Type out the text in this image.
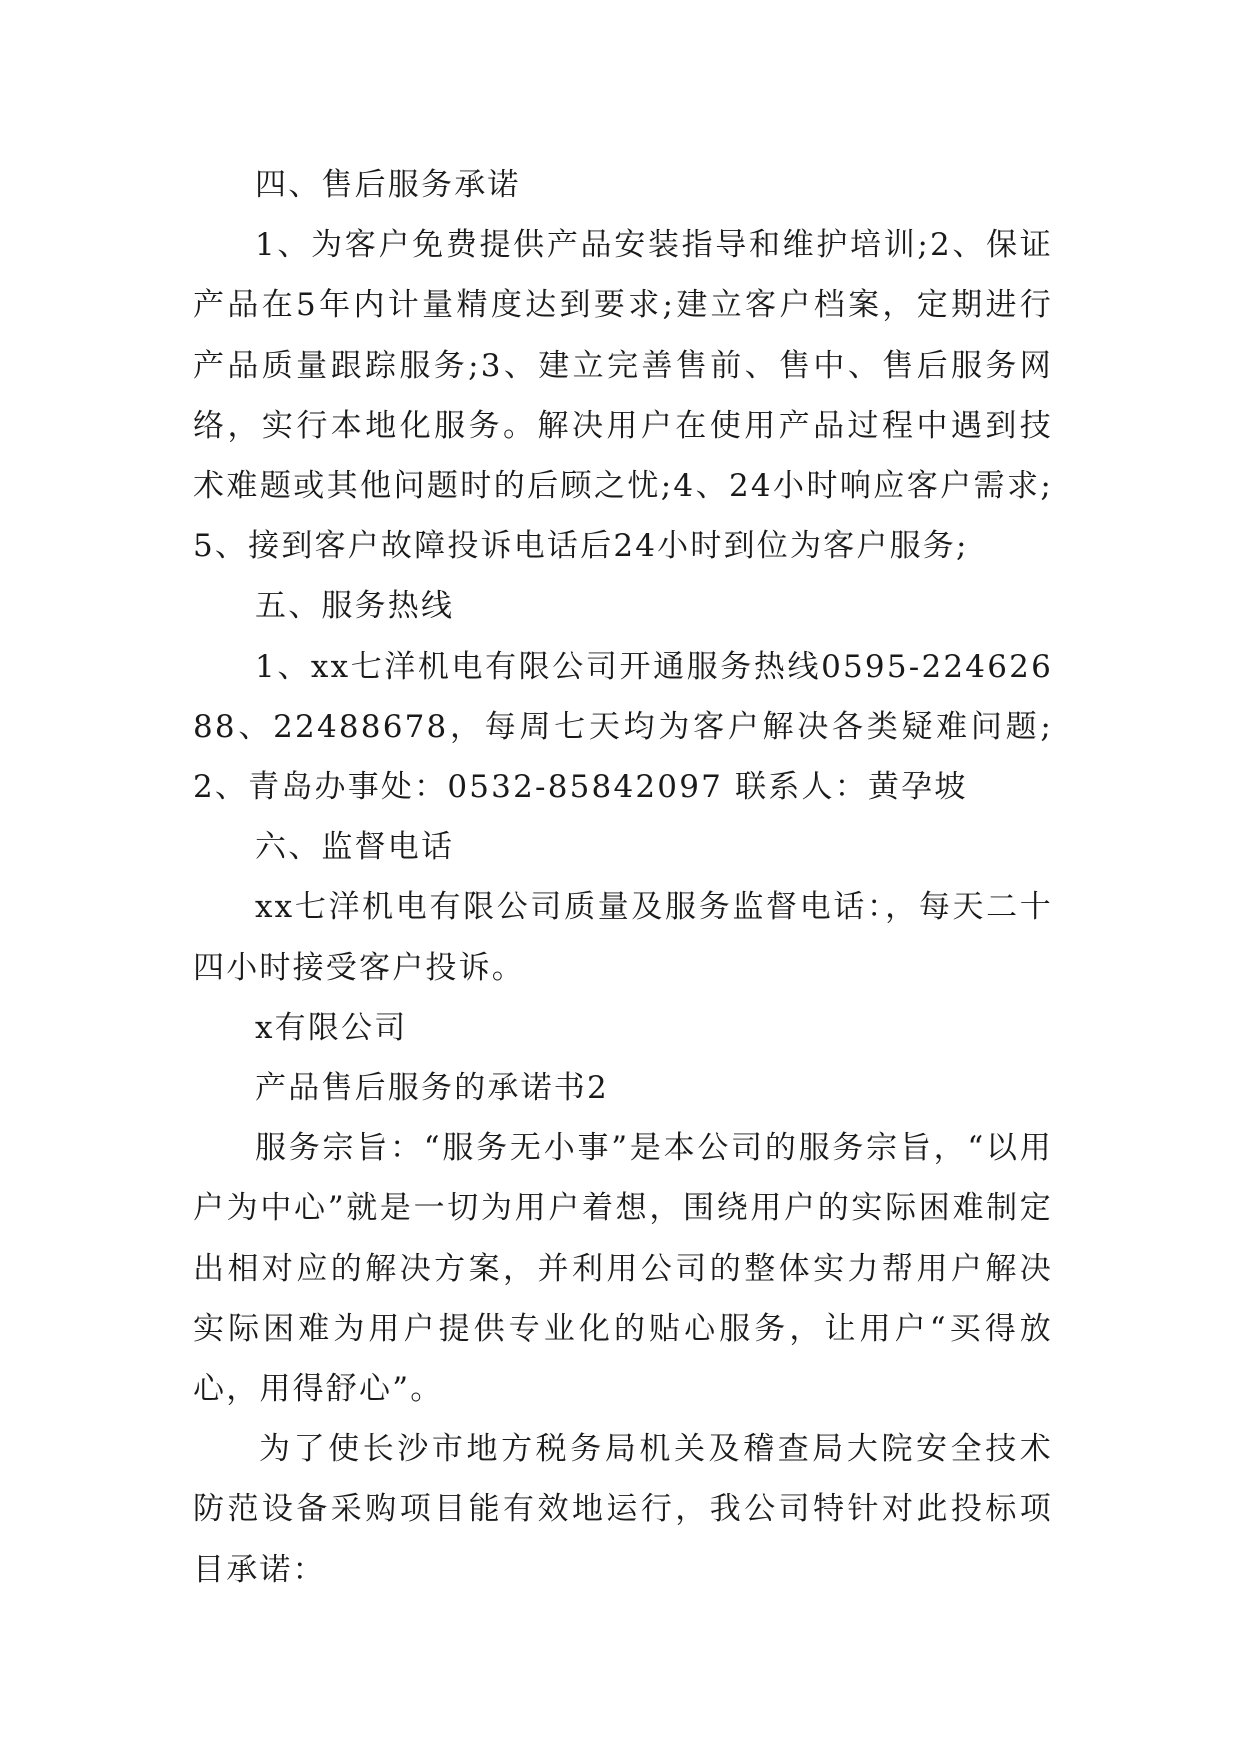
四、售后服务承诺

1、为客户免费提供产品安装指导和维护培训;2、保证产品在5年内计量精度达到要求;建立客户档案，定期进行产品质量跟踪服务;3、建立完善售前、售中、售后服务网络，实行本地化服务。解决用户在使用产品过程中遇到技术难题或其他问题时的后顾之忧;4、24小时响应客户需求;5、接到客户故障投诉电话后24小时到位为客户服务;

五、服务热线

1、xx七洋机电有限公司开通服务热线0595-22462688、22488678，每周七天均为客户解决各类疑难问题;2、青岛办事处：0532-85842097 联系人：黄孕坡

六、监督电话

xx七洋机电有限公司质量及服务监督电话：，每天二十四小时接受客户投诉。

x有限公司

产品售后服务的承诺书2

服务宗旨：“服务无小事”是本公司的服务宗旨，“以用户为中心”就是一切为用户着想，围绕用户的实际困难制定出相对应的解决方案，并利用公司的整体实力帮用户解决实际困难为用户提供专业化的贴心服务，让用户“买得放心，用得舒心”。

为了使长沙市地方税务局机关及稽查局大院安全技术防范设备采购项目能有效地运行，我公司特针对此投标项目承诺：
